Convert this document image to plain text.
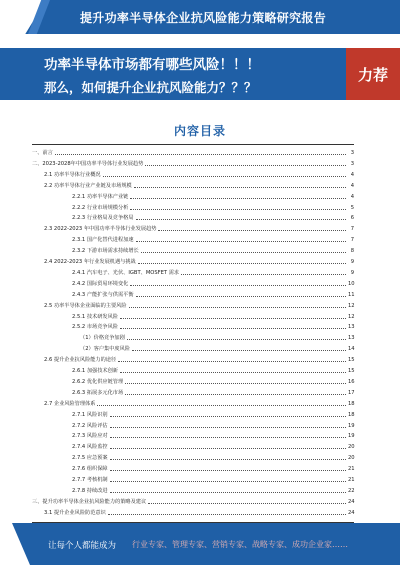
提升功率半导体企业抗风险能力策略研究报告
功率半导体市场都有哪些风险！！！
那么，如何提升企业抗风险能力？？？
力荐
内容目录
一、前言	3
二、2023-2028年中国功率半导体行业发展趋势	3
2.1 功率半导体行业概况	4
2.2 功率半导体行业产业链及市场规模	4
2.2.1 功率半导体产业链	4
2.2.2 行业市场规模分析	5
2.2.3 行业格局及竞争格局	6
2.3 2022-2023 年中国功率半导体行业发展趋势	7
2.3.1 国产化替代进程加速	7
2.3.2 下游市场需求持续增长	8
2.4 2022-2023 年行业发展机遇与挑战	9
2.4.1 汽车电子、光伏、IGBT、MOSFET 需求	9
2.4.2 国际贸易环境变化	10
2.4.3 产能扩张与供需平衡	11
2.5 功率半导体企业面临的主要风险	12
2.5.1 技术研发风险	12
2.5.2 市场竞争风险	13
（1）价格竞争加剧	13
（2）客户集中度风险	14
2.6 提升企业抗风险能力的途径	15
2.6.1 加强技术创新	15
2.6.2 优化供应链管理	16
2.6.3 拓展多元化市场	17
2.7 企业风险管理体系	18
2.7.1 风险识别	18
2.7.2 风险评估	19
2.7.3 风险应对	19
2.7.4 风险监控	20
2.7.5 应急预案	20
2.7.6 组织保障	21
2.7.7 考核机制	21
2.7.8 持续改进	22
三、提升功率半导体企业抗风险能力的策略及建议	24
3.1 提升企业风险防范意识	24
让每个人都能成为 行业专家、管理专家、营销专家、战略专家、成功企业家……
